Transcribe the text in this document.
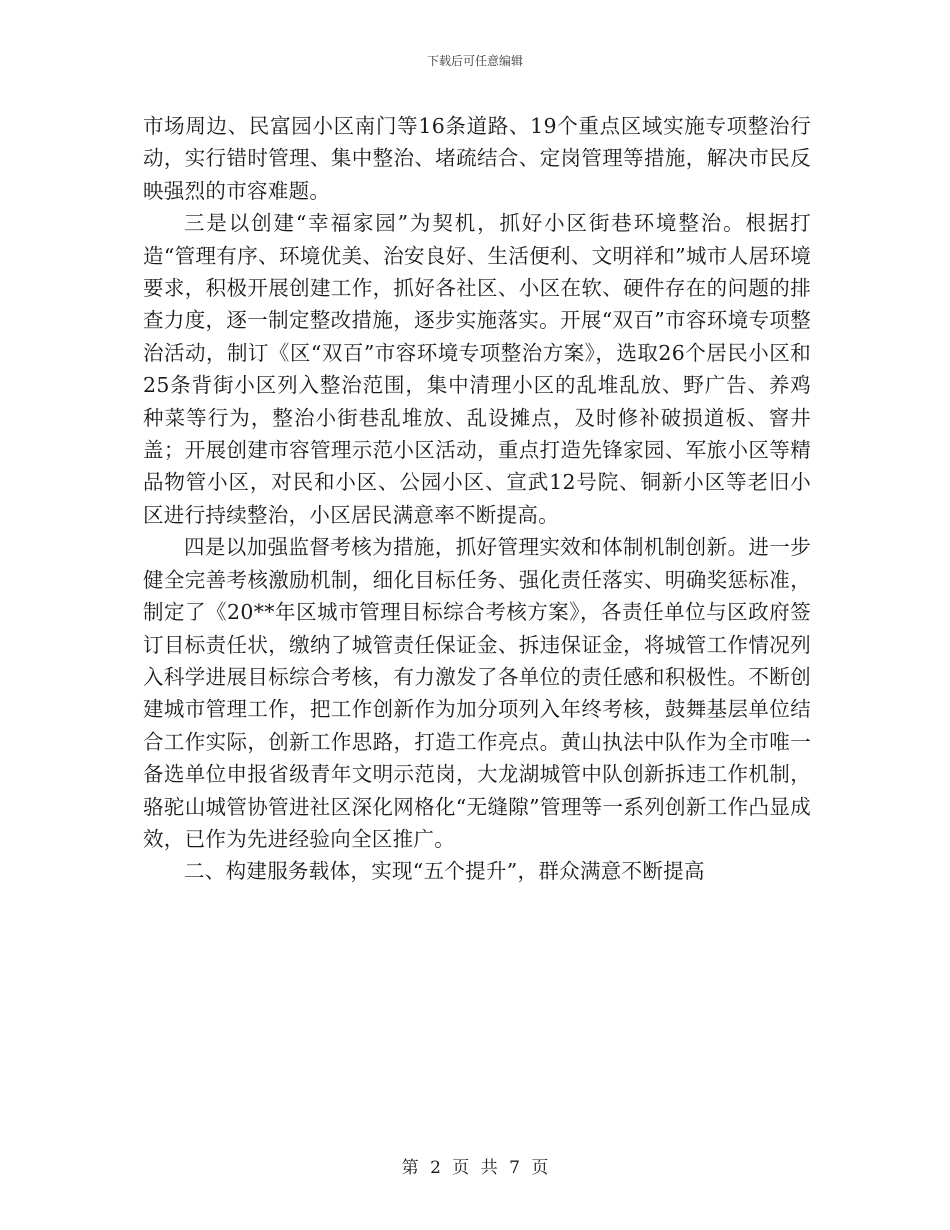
下载后可任意编辑

市场周边、民富园小区南门等16条道路、19个重点区域实施专项整治行动，实行错时管理、集中整治、堵疏结合、定岗管理等措施，解决市民反映强烈的市容难题。

三是以创建“幸福家园”为契机，抓好小区街巷环境整治。根据打造“管理有序、环境优美、治安良好、生活便利、文明祥和”城市人居环境要求，积极开展创建工作，抓好各社区、小区在软、硬件存在的问题的排查力度，逐一制定整改措施，逐步实施落实。开展“双百”市容环境专项整治活动，制订《区“双百”市容环境专项整治方案》，选取26个居民小区和25条背街小区列入整治范围，集中清理小区的乱堆乱放、野广告、养鸡种菜等行为，整治小街巷乱堆放、乱设摊点，及时修补破损道板、窨井盖；开展创建市容管理示范小区活动，重点打造先锋家园、军旅小区等精品物管小区，对民和小区、公园小区、宣武12号院、铜新小区等老旧小区进行持续整治，小区居民满意率不断提高。

四是以加强监督考核为措施，抓好管理实效和体制机制创新。进一步健全完善考核激励机制，细化目标任务、强化责任落实、明确奖惩标准，制定了《20**年区城市管理目标综合考核方案》，各责任单位与区政府签订目标责任状，缴纳了城管责任保证金、拆违保证金，将城管工作情况列入科学进展目标综合考核，有力激发了各单位的责任感和积极性。不断创建城市管理工作，把工作创新作为加分项列入年终考核，鼓舞基层单位结合工作实际，创新工作思路，打造工作亮点。黄山执法中队作为全市唯一备选单位申报省级青年文明示范岗，大龙湖城管中队创新拆违工作机制，骆驼山城管协管进社区深化网格化“无缝隙”管理等一系列创新工作凸显成效，已作为先进经验向全区推广。

二、构建服务载体，实现“五个提升”，群众满意不断提高

第 2 页 共 7 页
